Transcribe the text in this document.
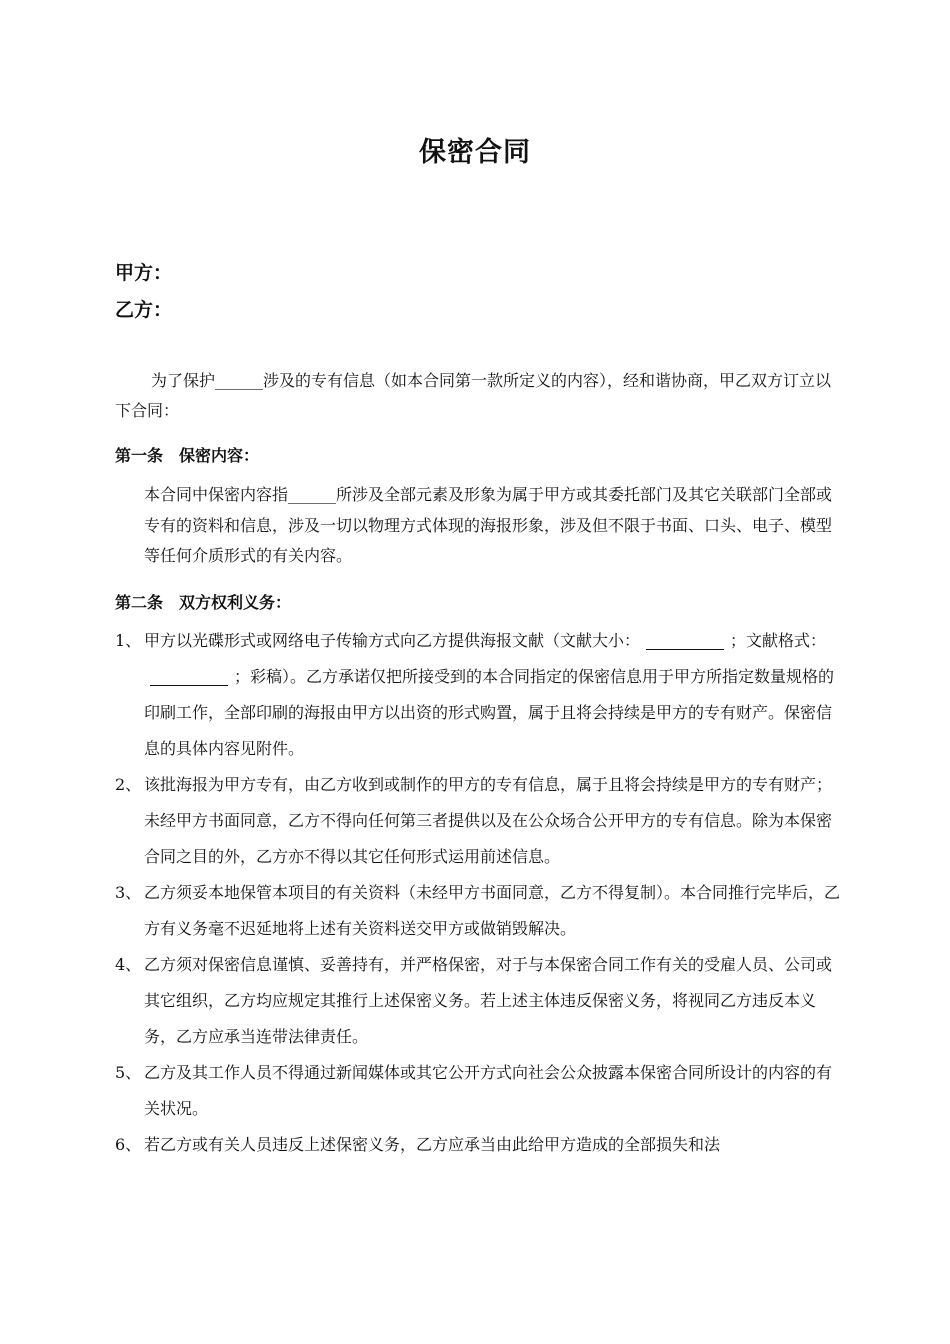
保密合同
甲方：
乙方：

为了保护______涉及的专有信息（如本合同第一款所定义的内容），经和谐协商，甲乙双方订立以下合同：

第一条　保密内容：

本合同中保密内容指______所涉及全部元素及形象为属于甲方或其委托部门及其它关联部门全部或专有的资料和信息，涉及一切以物理方式体现的海报形象，涉及但不限于书面、口头、电子、模型等任何介质形式的有关内容。

第二条　双方权利义务：
1、 甲方以光碟形式或网络电子传输方式向乙方提供海报文献（文献大小：	；文献格式：；彩稿）。乙方承诺仅把所接受到的本合同指定的保密信息用于甲方所指定数量规格的印刷工作，全部印刷的海报由甲方以出资的形式购置，属于且将会持续是甲方的专有财产。保密信息的具体内容见附件。
2、 该批海报为甲方专有，由乙方收到或制作的甲方的专有信息，属于且将会持续是甲方的专有财产；未经甲方书面同意，乙方不得向任何第三者提供以及在公众场合公开甲方的专有信息。除为本保密合同之目的外，乙方亦不得以其它任何形式运用前述信息。
3、 乙方须妥本地保管本项目的有关资料（未经甲方书面同意，乙方不得复制）。本合同推行完毕后，乙方有义务毫不迟延地将上述有关资料送交甲方或做销毁解决。
4、 乙方须对保密信息谨慎、妥善持有，并严格保密，对于与本保密合同工作有关的受雇人员、公司或其它组织，乙方均应规定其推行上述保密义务。若上述主体违反保密义务，将视同乙方违反本义务，乙方应承当连带法律责任。
5、 乙方及其工作人员不得通过新闻媒体或其它公开方式向社会公众披露本保密合同所设计的内容的有关状况。
6、 若乙方或有关人员违反上述保密义务，乙方应承当由此给甲方造成的全部损失和法
